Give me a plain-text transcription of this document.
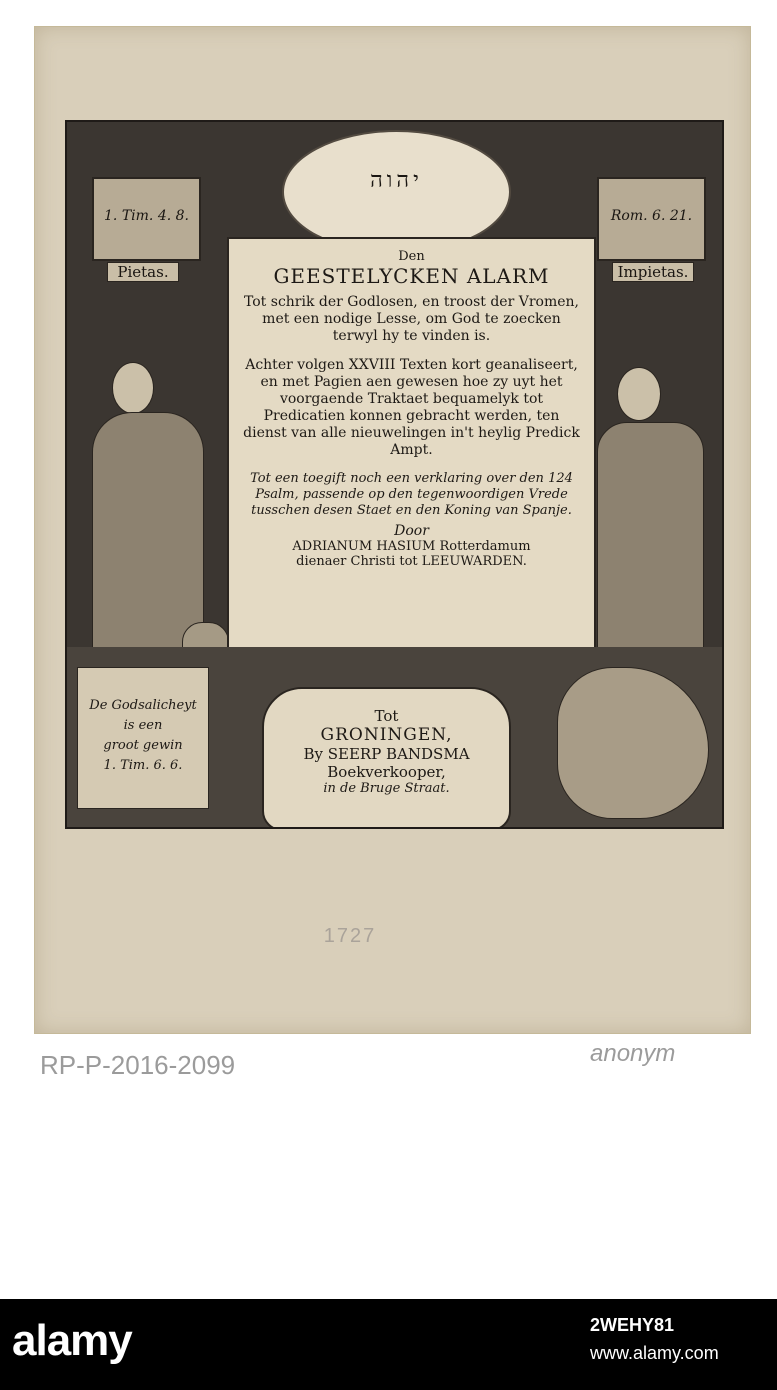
יהוה
1. Tim. 4. 8.
Pietas.
Rom. 6. 21.
Impietas.
Den
GEESTELYCKEN ALARM
Tot schrik der Godlosen, en troost der Vromen, met een nodige Lesse, om God te zoecken terwyl hy te vinden is.
Achter volgen XXVIII Texten kort geanaliseert, en met Pagien aen gewesen hoe zy uyt het voorgaende Traktaet bequamelyk tot Predicatien konnen gebracht werden, ten dienst van alle nieuwelingen in't heylig Predick Ampt.
Tot een toegift noch een verklaring over den 124 Psalm, passende op den tegenwoordigen Vrede tusschen desen Staet en den Koning van Spanje.
Door
ADRIANUM HASIUM Rotterdamum
dienaer Christi tot LEEUWARDEN.
De Godsalicheyt
is een
groot gewin
1. Tim. 6. 6.
Tot
GRONINGEN,
By SEERP BANDSMA
Boekverkooper,
in de Bruge Straat.
1727
RP-P-2016-2099	anonym
alamy	2WEHY81
www.alamy.com
